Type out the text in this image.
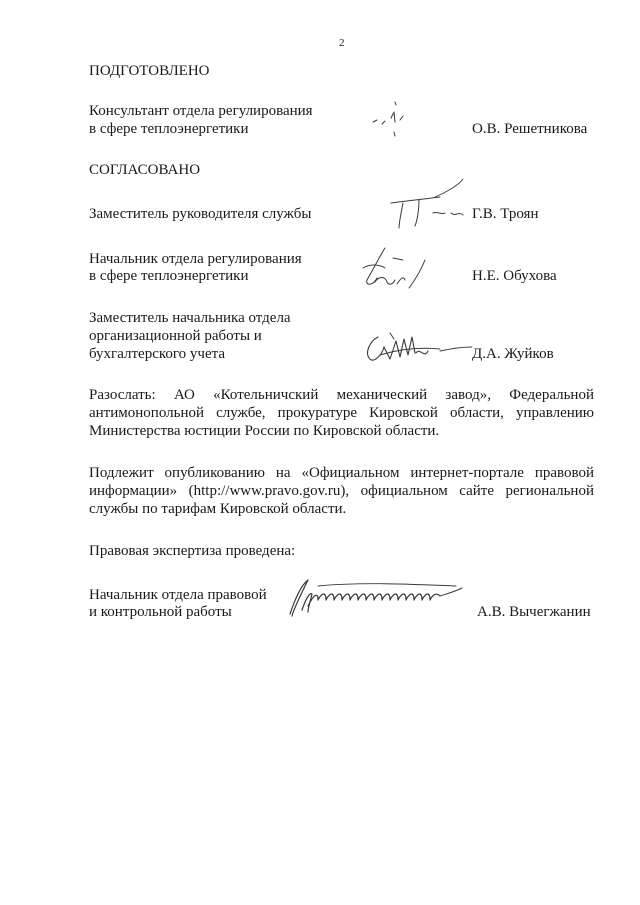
2
ПОДГОТОВЛЕНО
Консультант отдела регулирования
в сфере теплоэнергетики	О.В. Решетникова
СОГЛАСОВАНО
Заместитель руководителя службы	Г.В. Троян
Начальник отдела регулирования
в сфере теплоэнергетики	Н.Е. Обухова
Заместитель начальника отдела
организационной работы и
бухгалтерского учета	Д.А. Жуйков
Разослать: АО «Котельничский механический завод», Федеральной антимонопольной службе, прокуратуре Кировской области, управлению Министерства юстиции России по Кировской области.
Подлежит опубликованию на «Официальном интернет-портале правовой информации» (http://www.pravo.gov.ru), официальном сайте региональной службы по тарифам Кировской области.
Правовая экспертиза проведена:
Начальник отдела правовой
и контрольной работы	А.В. Вычегжанин
